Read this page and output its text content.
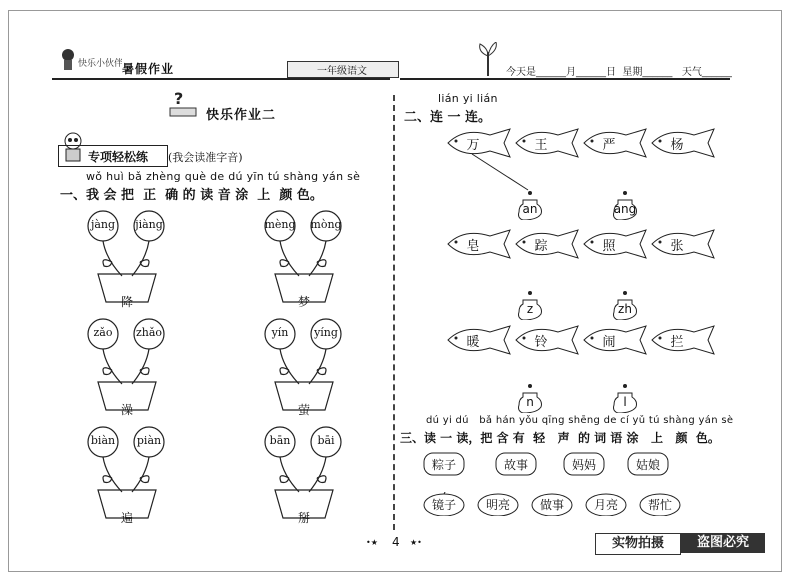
快乐小伙伴
暑假作业	一年级语文	今天是______月______日  星期______   天气______
?
快乐作业二
专项轻松练 (我会读准字音)
wǒ huì bǎ zhèng què de dú yīn tú shàng yán sè
一、我 会 把  正  确 的 读 音 涂  上  颜 色。
jàng	jiàng
降
mèng mòng
梦
zǎo	zhǎo
澡
yín	yíng
萤
biàn	piàn
遍
bān	bāi
掰
lián yi lián
二、连 一 连。
万	王	严	杨
an	ang
皂	踪	照	张
z	zh
暖	铃	闹	拦
n	l
dú yi dú   bǎ hán yǒu qīng shēng de cí yǔ tú shàng yán sè
三、读 一 读，把 含 有  轻   声  的 词 语 涂   上   颜  色。
粽子	故事	妈妈	姑娘
镜子	明亮	做事	月亮	帮忙
•★ 4 ★•	实物拍摄	盗图必究
